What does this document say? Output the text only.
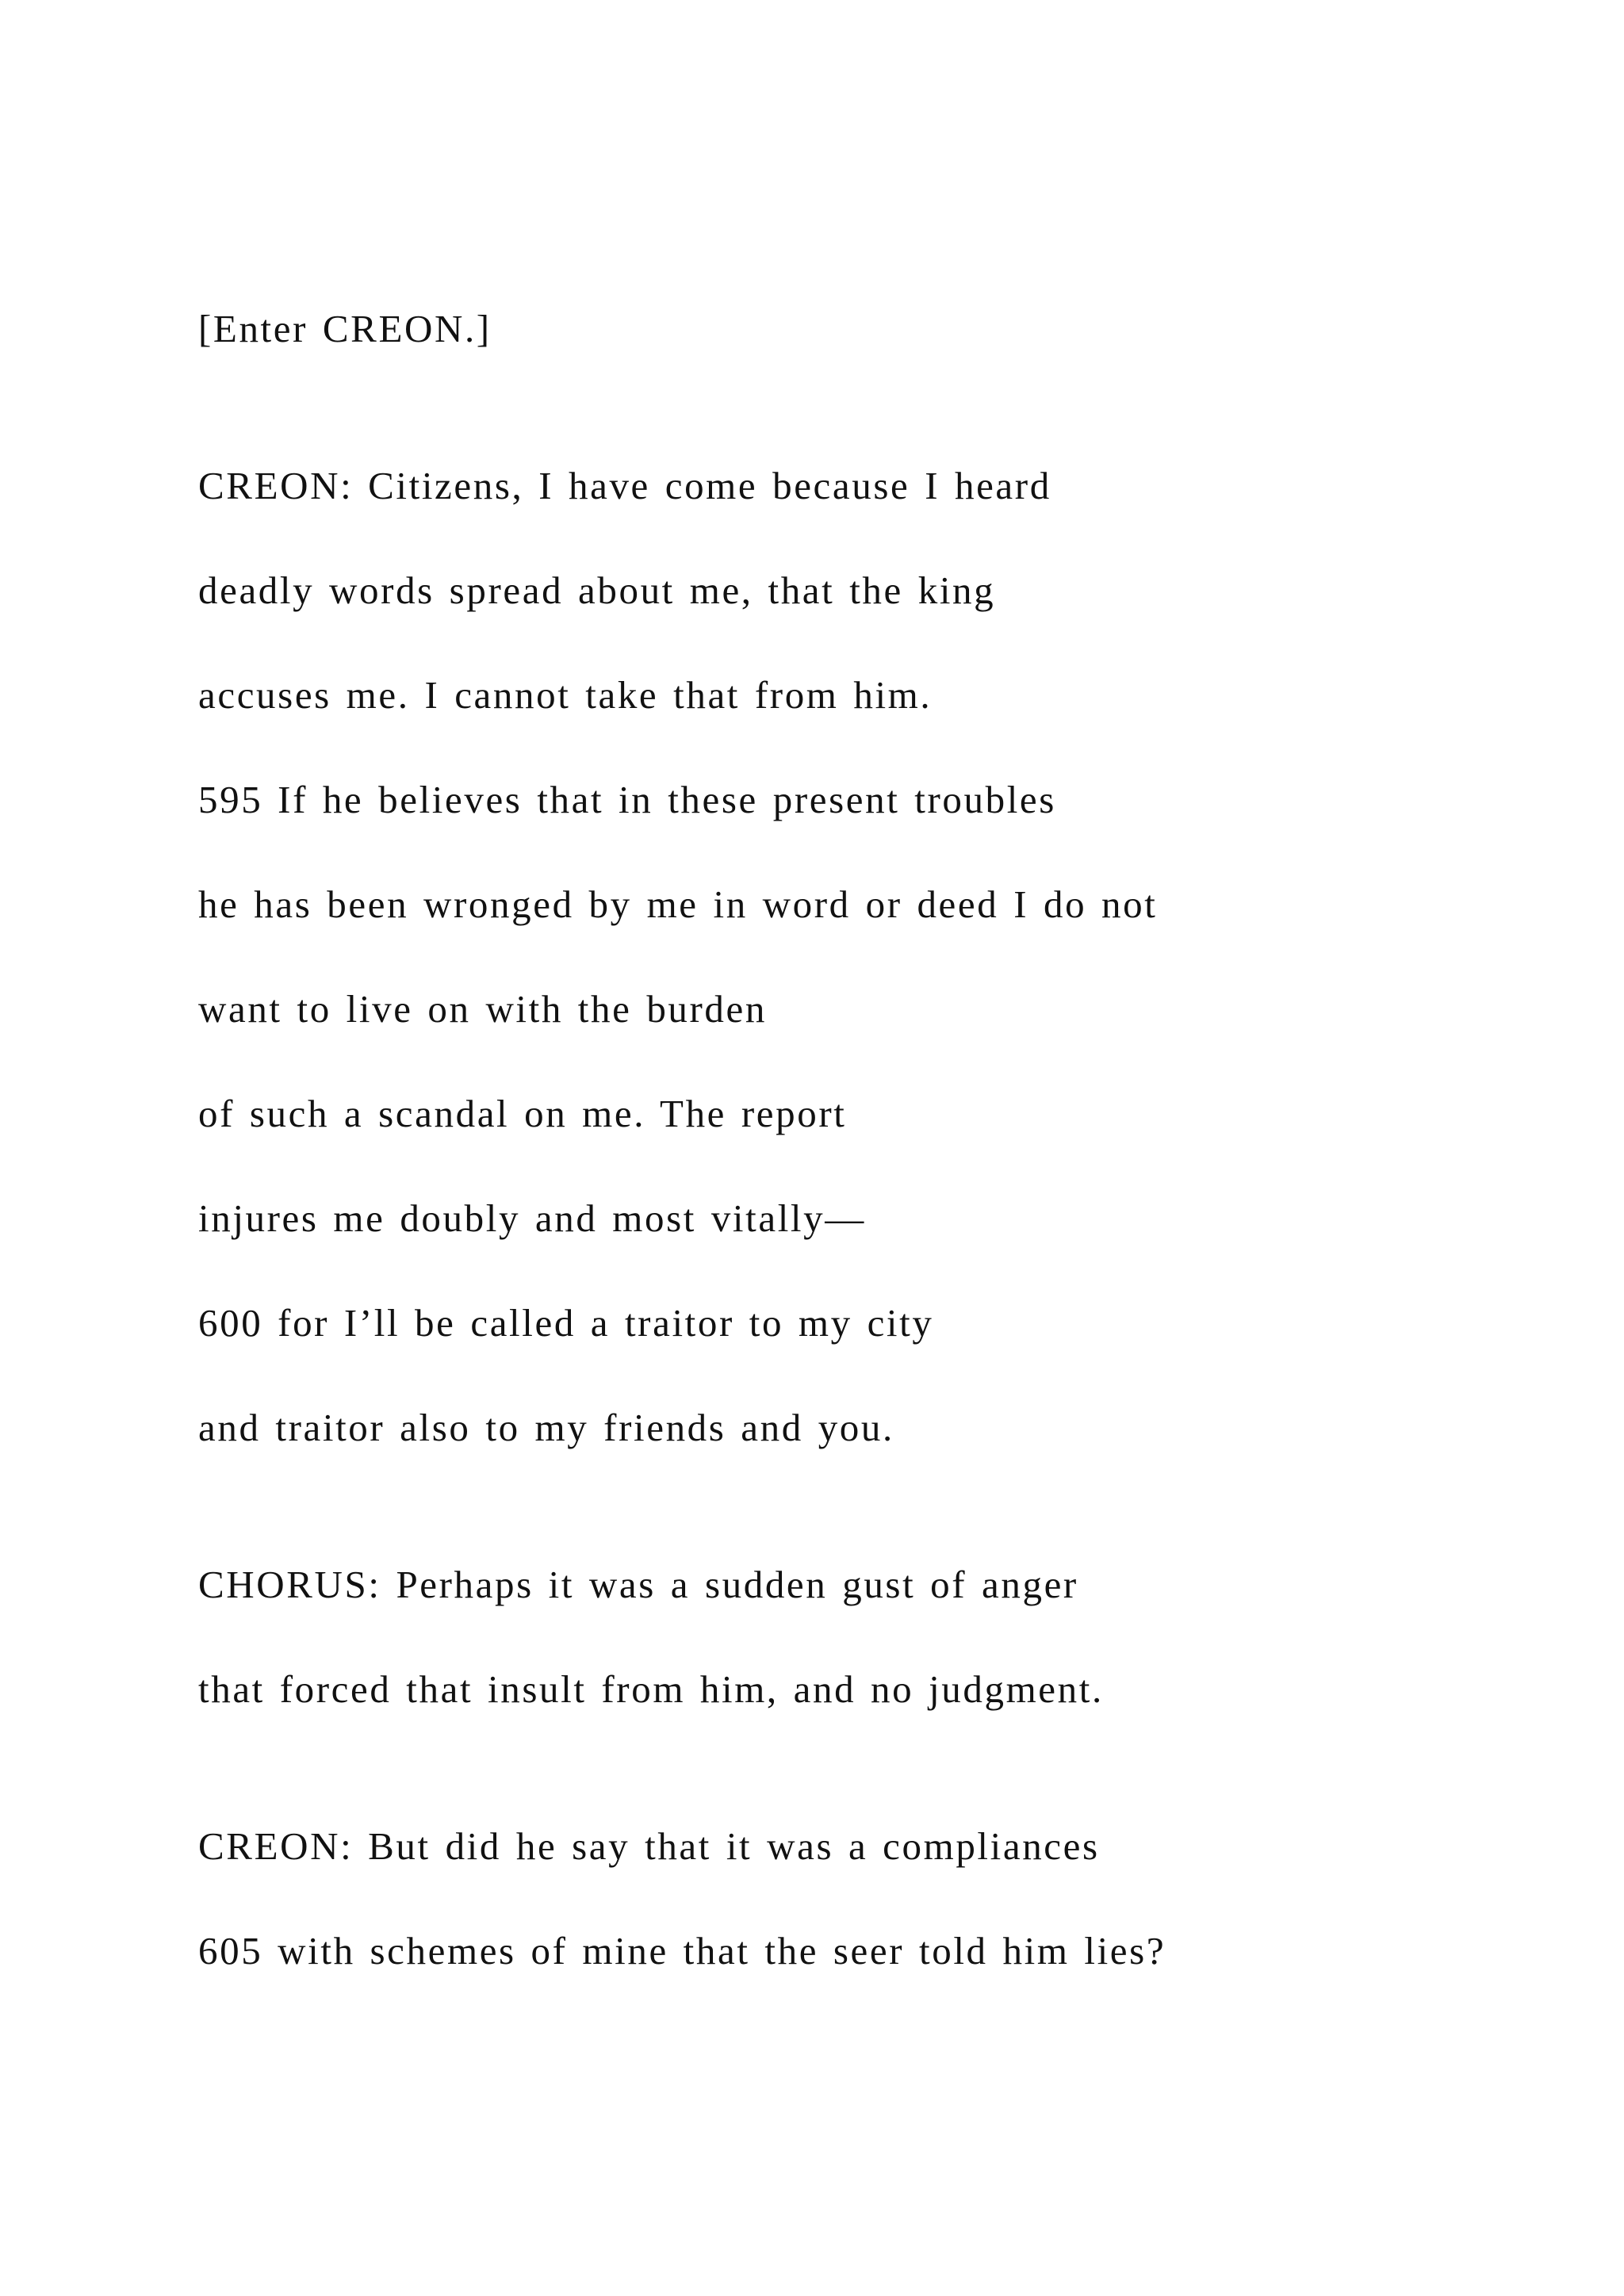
[Enter CREON.]

CREON: Citizens, I have come because I heard

deadly words spread about me, that the king

accuses me. I cannot take that from him.

595 If he believes that in these present troubles

he has been wronged by me in word or deed I do not

want to live on with the burden

of such a scandal on me. The report

injures me doubly and most vitally—

600 for I’ll be called a traitor to my city

and traitor also to my friends and you.

CHORUS: Perhaps it was a sudden gust of anger

that forced that insult from him, and no judgment.

CREON: But did he say that it was a compliances

605 with schemes of mine that the seer told him lies?
